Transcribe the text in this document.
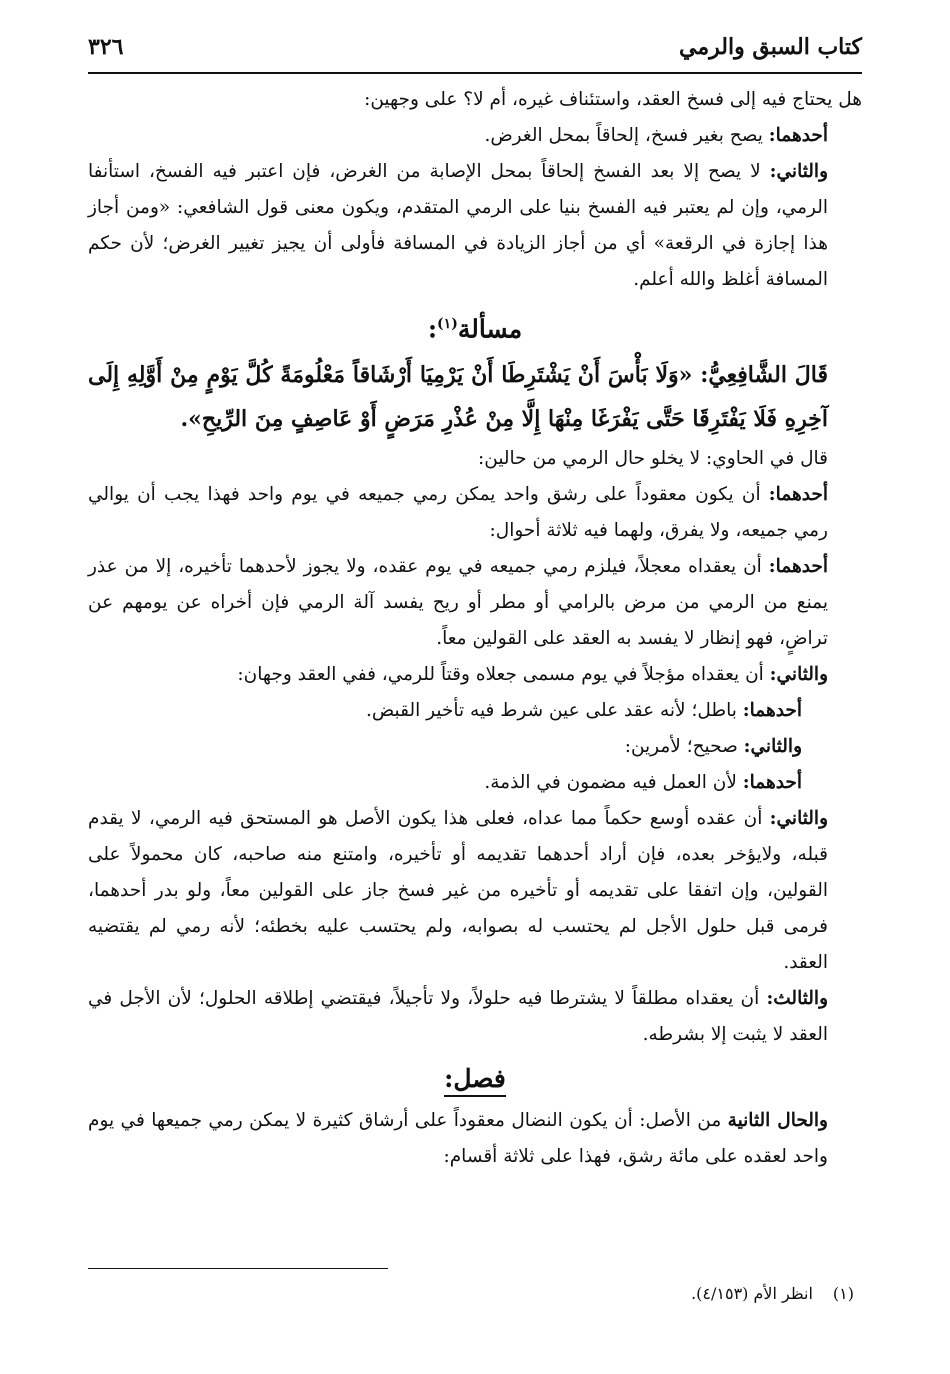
كتاب السبق والرمي
٣٢٦

هل يحتاج فيه إلى فسخ العقد، واستئناف غيره، أم لا؟ على وجهين:

أحدهما: يصح بغير فسخ، إلحاقاً بمحل الغرض.

والثاني: لا يصح إلا بعد الفسخ إلحاقاً بمحل الإصابة من الغرض، فإن اعتبر فيه الفسخ، استأنفا الرمي، وإن لم يعتبر فيه الفسخ بنيا على الرمي المتقدم، ويكون معنى قول الشافعي: «ومن أجاز هذا إجازة في الرقعة» أي من أجاز الزيادة في المسافة فأولى أن يجيز تغيير الغرض؛ لأن حكم المسافة أغلظ والله أعلم.

مسألة$^{(١)}$:

قَالَ الشَّافِعِيُّ: «وَلَا بَأْسَ أَنْ يَشْتَرِطَا أَنْ يَرْمِيَا أَرْشَاقاً مَعْلُومَةً كُلَّ يَوْمٍ مِنْ أَوَّلِهِ إِلَى آخِرِهِ فَلَا يَفْتَرِقَا حَتَّى يَفْرَغَا مِنْهَا إِلَّا مِنْ عُذْرِ مَرَضٍ أَوْ عَاصِفٍ مِنَ الرِّيحِ».

قال في الحاوي: لا يخلو حال الرمي من حالين:

أحدهما: أن يكون معقوداً على رشق واحد يمكن رمي جميعه في يوم واحد فهذا يجب أن يوالي رمي جميعه، ولا يفرق، ولهما فيه ثلاثة أحوال:

أحدهما: أن يعقداه معجلاً، فيلزم رمي جميعه في يوم عقده، ولا يجوز لأحدهما تأخيره، إلا من عذر يمنع من الرمي من مرض بالرامي أو مطر أو ريح يفسد آلة الرمي فإن أخراه عن يومهم عن تراضٍ، فهو إنظار لا يفسد به العقد على القولين معاً.

والثاني: أن يعقداه مؤجلاً في يوم مسمى جعلاه وقتاً للرمي، ففي العقد وجهان:

أحدهما: باطل؛ لأنه عقد على عين شرط فيه تأخير القبض.

والثاني: صحيح؛ لأمرين:

أحدهما: لأن العمل فيه مضمون في الذمة.

والثاني: أن عقده أوسع حكماً مما عداه، فعلى هذا يكون الأصل هو المستحق فيه الرمي، لا يقدم قبله، ولايؤخر بعده، فإن أراد أحدهما تقديمه أو تأخيره، وامتنع منه صاحبه، كان محمولاً على القولين، وإن اتفقا على تقديمه أو تأخيره من غير فسخ جاز على القولين معاً، ولو بدر أحدهما، فرمى قبل حلول الأجل لم يحتسب له بصوابه، ولم يحتسب عليه بخطئه؛ لأنه رمي لم يقتضيه العقد.

والثالث: أن يعقداه مطلقاً لا يشترطا فيه حلولاً، ولا تأجيلاً، فيقتضي إطلاقه الحلول؛ لأن الأجل في العقد لا يثبت إلا بشرطه.

فصل:

والحال الثانية من الأصل: أن يكون النضال معقوداً على أرشاق كثيرة لا يمكن رمي جميعها في يوم واحد لعقده على مائة رشق، فهذا على ثلاثة أقسام:

(١) انظر الأم (٤/١٥٣).
